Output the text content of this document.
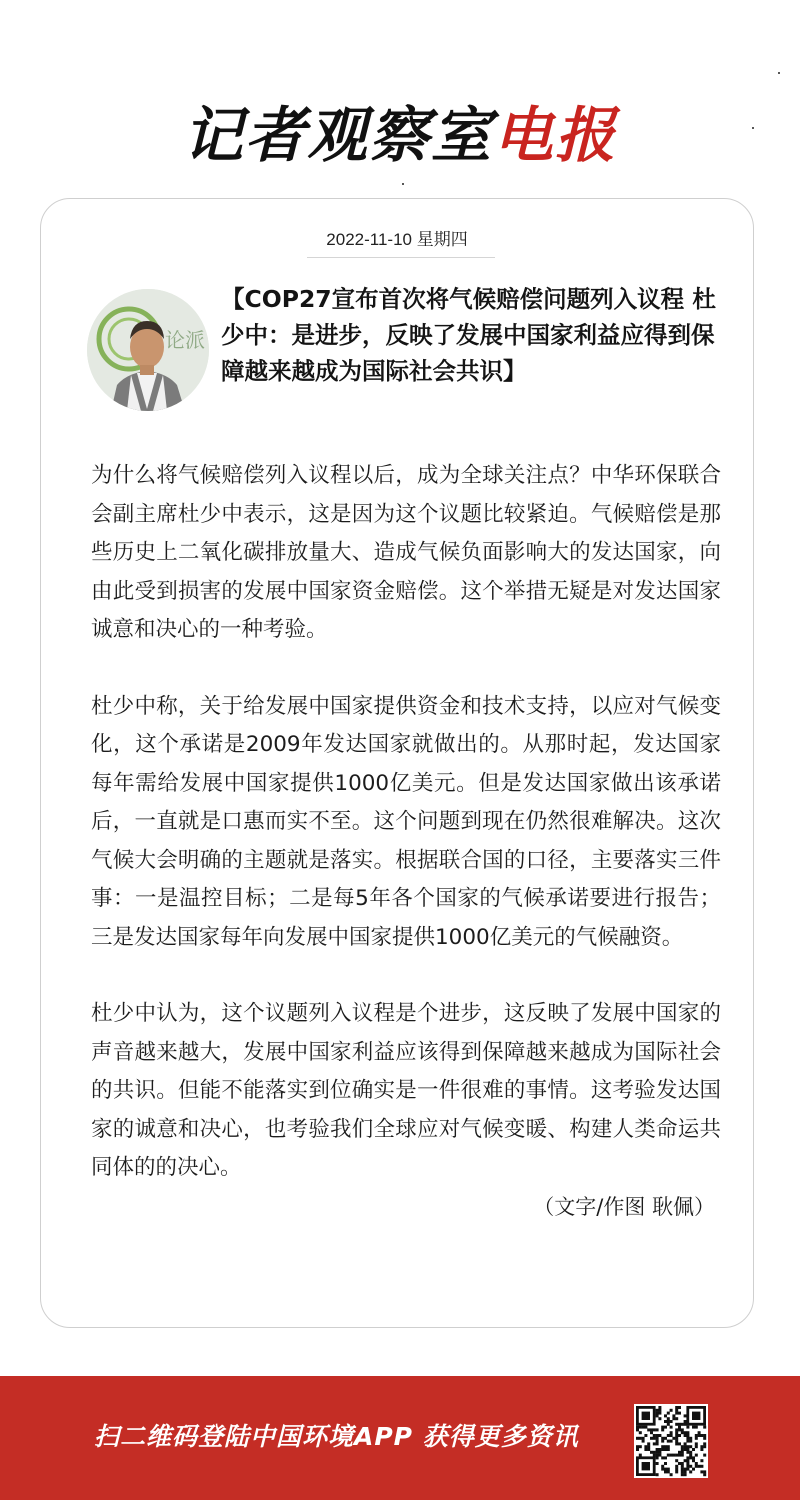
记者观察室电报
2022-11-10 星期四
论派
【COP27宣布首次将气候赔偿问题列入议程 杜少中：是进步，反映了发展中国家利益应得到保障越来越成为国际社会共识】

为什么将气候赔偿列入议程以后，成为全球关注点？中华环保联合会副主席杜少中表示，这是因为这个议题比较紧迫。气候赔偿是那些历史上二氧化碳排放量大、造成气候负面影响大的发达国家，向由此受到损害的发展中国家资金赔偿。这个举措无疑是对发达国家诚意和决心的一种考验。

杜少中称，关于给发展中国家提供资金和技术支持，以应对气候变化，这个承诺是2009年发达国家就做出的。从那时起，发达国家每年需给发展中国家提供1000亿美元。但是发达国家做出该承诺后，一直就是口惠而实不至。这个问题到现在仍然很难解决。这次气候大会明确的主题就是落实。根据联合国的口径，主要落实三件事：一是温控目标；二是每5年各个国家的气候承诺要进行报告；三是发达国家每年向发展中国家提供1000亿美元的气候融资。

杜少中认为，这个议题列入议程是个进步，这反映了发展中国家的声音越来越大，发展中国家利益应该得到保障越来越成为国际社会的共识。但能不能落实到位确实是一件很难的事情。这考验发达国家的诚意和决心，也考验我们全球应对气候变暖、构建人类命运共同体的的决心。

（文字/作图 耿佩）
扫二维码登陆中国环境APP 获得更多资讯
